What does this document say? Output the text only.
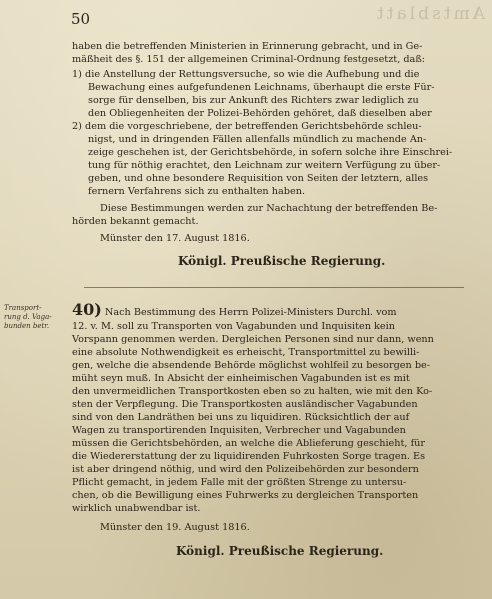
Amtsblatt
50
haben die betreffenden Ministerien in Erinnerung gebracht, und in Ge-
mäßheit des §. 151 der allgemeinen Criminal-Ordnung festgesetzt, daß:
1) die Anstellung der Rettungsversuche, so wie die Aufhebung und die
Bewachung eines aufgefundenen Leichnams, überhaupt die erste Für-
sorge für denselben, bis zur Ankunft des Richters zwar lediglich zu
den Obliegenheiten der Polizei-Behörden gehöret, daß dieselben aber
2) dem die vorgeschriebene, der betreffenden Gerichtsbehörde schleu-
nigst, und in dringenden Fällen allenfalls mündlich zu machende An-
zeige geschehen ist, der Gerichtsbehörde, in sofern solche ihre Einschrei-
tung für nöthig erachtet, den Leichnam zur weitern Verfügung zu über-
geben, und ohne besondere Requisition von Seiten der letztern, alles
fernern Verfahrens sich zu enthalten haben.
Diese Bestimmungen werden zur Nachachtung der betreffenden Be-
hörden bekannt gemacht.
Münster den 17. August 1816.
Königl. Preußische Regierung.
Transport-
rung d. Vaga-
bunden betr.
40) Nach Bestimmung des Herrn Polizei-Ministers Durchl. vom
12. v. M. soll zu Transporten von Vagabunden und Inquisiten kein
Vorspann genommen werden. Dergleichen Personen sind nur dann, wenn
eine absolute Nothwendigkeit es erheischt, Transportmittel zu bewilli-
gen, welche die absendende Behörde möglichst wohlfeil zu besorgen be-
müht seyn muß. In Absicht der einheimischen Vagabunden ist es mit
den unvermeidlichen Transportkosten eben so zu halten, wie mit den Ko-
sten der Verpflegung. Die Transportkosten ausländischer Vagabunden
sind von den Landräthen bei uns zu liquidiren. Rücksichtlich der auf
Wagen zu transportirenden Inquisiten, Verbrecher und Vagabunden
müssen die Gerichtsbehörden, an welche die Ablieferung geschieht, für
die Wiedererstattung der zu liquidirenden Fuhrkosten Sorge tragen. Es
ist aber dringend nöthig, und wird den Polizeibehörden zur besondern
Pflicht gemacht, in jedem Falle mit der größten Strenge zu untersu-
chen, ob die Bewilligung eines Fuhrwerks zu dergleichen Transporten
wirklich unabwendbar ist.
Münster den 19. August 1816.
Königl. Preußische Regierung.
